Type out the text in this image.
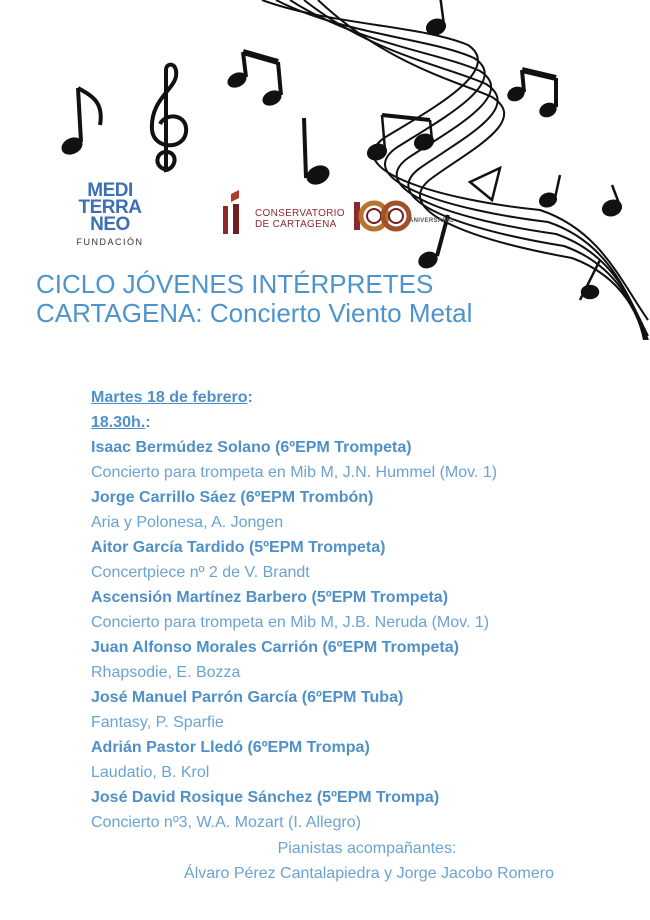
MEDI
TERRA
NEO
FUNDACIÓN
CONSERVATORIO
DE CARTAGENA	ANIVERSARIO
CICLO JÓVENES INTÉRPRETES
CARTAGENA: Concierto Viento Metal
Martes 18 de febrero:
18.30h.:
Isaac Bermúdez Solano (6ºEPM Trompeta)
Concierto para trompeta en Mib M, J.N. Hummel (Mov. 1)
Jorge Carrillo Sáez (6ºEPM Trombón)
Aria y Polonesa, A. Jongen
Aitor García Tardido (5ºEPM Trompeta)
Concertpiece nº 2 de V. Brandt
Ascensión Martínez Barbero (5ºEPM Trompeta)
Concierto para trompeta en Mib M, J.B. Neruda (Mov. 1)
Juan Alfonso Morales Carrión (6ºEPM Trompeta)
Rhapsodie, E. Bozza
José Manuel Parrón García (6ºEPM Tuba)
Fantasy, P. Sparfie
Adrián Pastor Lledó (6ºEPM Trompa)
Laudatio, B. Krol
José David Rosique Sánchez (5ºEPM Trompa)
Concierto nº3, W.A. Mozart (I. Allegro)
Pianistas acompañantes:
Álvaro Pérez Cantalapiedra y Jorge Jacobo Romero
